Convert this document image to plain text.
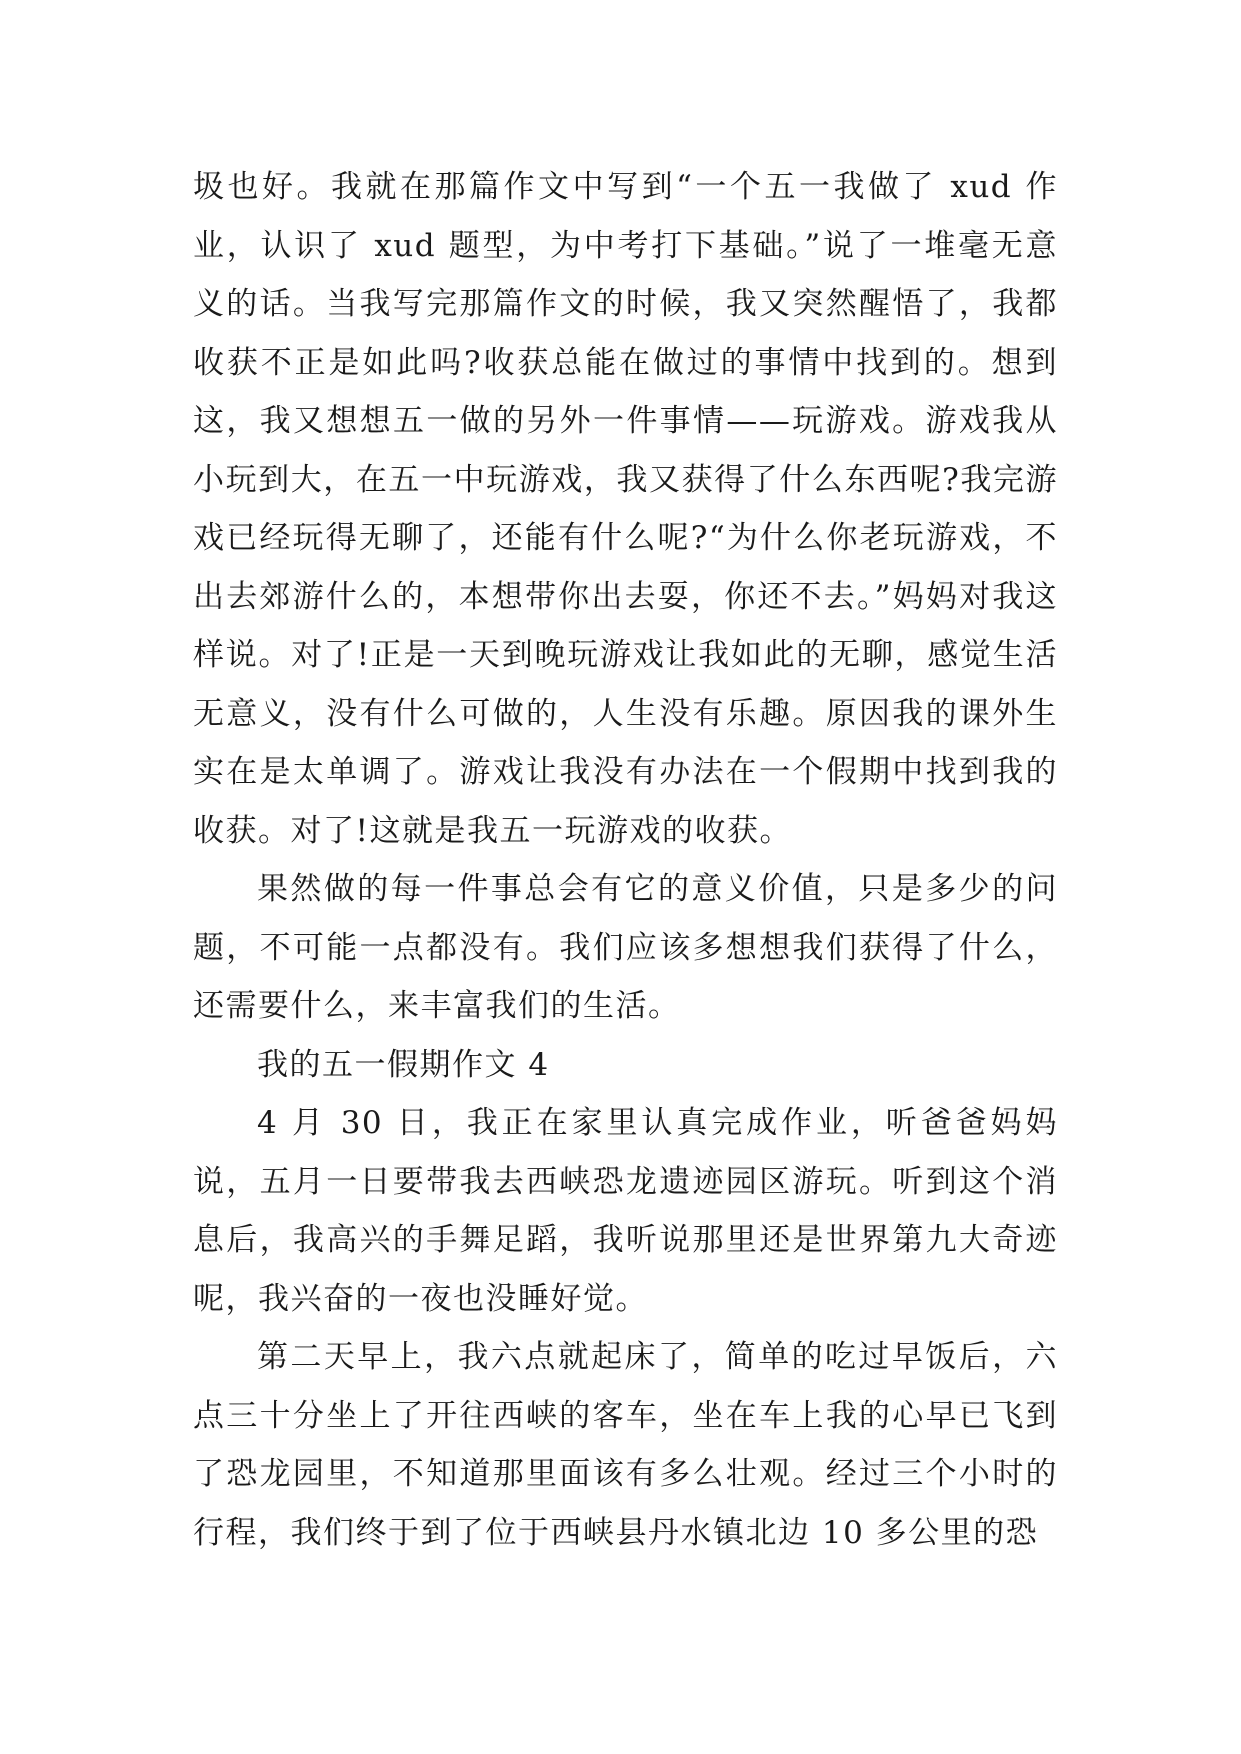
圾也好。我就在那篇作文中写到“一个五一我做了 xud 作业，认识了 xud 题型，为中考打下基础。”说了一堆毫无意义的话。当我写完那篇作文的时候，我又突然醒悟了，我都收获不正是如此吗?收获总能在做过的事情中找到的。想到这，我又想想五一做的另外一件事情——玩游戏。游戏我从小玩到大，在五一中玩游戏，我又获得了什么东西呢?我完游戏已经玩得无聊了，还能有什么呢?“为什么你老玩游戏，不出去郊游什么的，本想带你出去耍，你还不去。”妈妈对我这样说。对了!正是一天到晚玩游戏让我如此的无聊，感觉生活无意义，没有什么可做的，人生没有乐趣。原因我的课外生实在是太单调了。游戏让我没有办法在一个假期中找到我的收获。对了!这就是我五一玩游戏的收获。

果然做的每一件事总会有它的意义价值，只是多少的问题，不可能一点都没有。我们应该多想想我们获得了什么，还需要什么，来丰富我们的生活。

我的五一假期作文 4

4 月 30 日，我正在家里认真完成作业，听爸爸妈妈说，五月一日要带我去西峡恐龙遗迹园区游玩。听到这个消息后，我高兴的手舞足蹈，我听说那里还是世界第九大奇迹呢，我兴奋的一夜也没睡好觉。

第二天早上，我六点就起床了，简单的吃过早饭后，六点三十分坐上了开往西峡的客车，坐在车上我的心早已飞到了恐龙园里，不知道那里面该有多么壮观。经过三个小时的行程，我们终于到了位于西峡县丹水镇北边 10 多公里的恐
